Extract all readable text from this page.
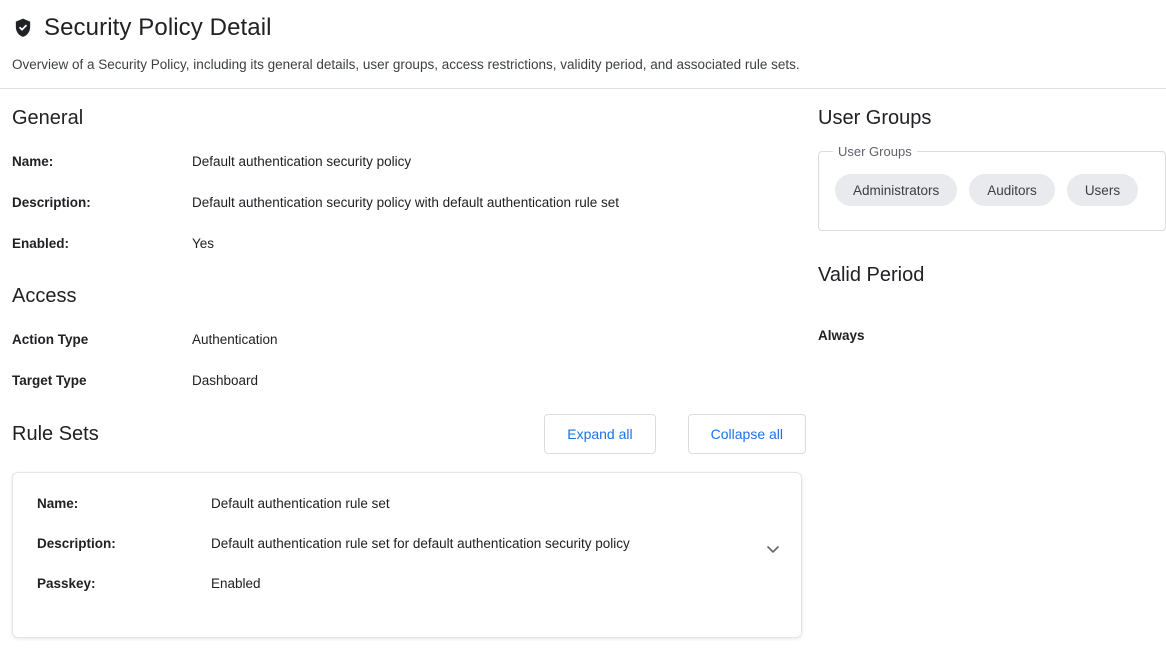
Security Policy Detail
Overview of a Security Policy, including its general details, user groups, access restrictions, validity period, and associated rule sets.
General
Name:	Default authentication security policy
Description:	Default authentication security policy with default authentication rule set
Enabled:	Yes
Access
Action Type	Authentication
Target Type	Dashboard
Rule Sets	Expand all	Collapse all
Name:	Default authentication rule set
Description:	Default authentication rule set for default authentication security policy
Passkey:	Enabled
User Groups
User Groups
Administrators	Auditors	Users
Valid Period
Always
